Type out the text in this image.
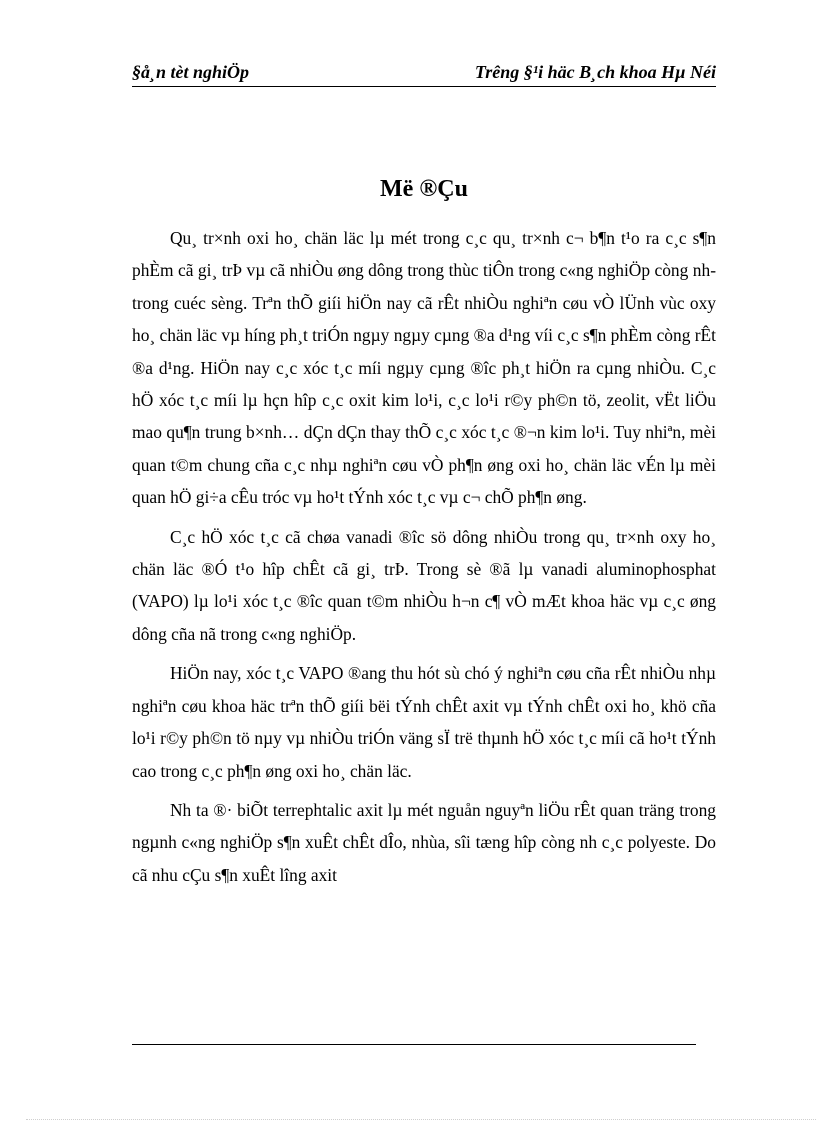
§å¸n tèt nghiÖp	Trêng §¹i häc B¸ch khoa Hµ Néi
Më ®Çu

Qu¸ tr×nh oxi ho¸ chän läc lµ mét trong c¸c qu¸ tr×nh c¬ b¶n t¹o ra c¸c s¶n phÈm cã gi¸ trÞ vµ cã nhiÒu øng dông trong thùc tiÔn trong c«ng nghiÖp còng nh trong cuéc sèng. Trªn thÕ giíi hiÖn nay cã rÊt nhiÒu nghiªn cøu vÒ lÜnh vùc oxy ho¸ chän läc vµ híng ph¸t triÓn ngµy ngµy cµng ®a d¹ng víi c¸c s¶n phÈm còng rÊt ®a d¹ng. HiÖn nay c¸c xóc t¸c míi ngµy cµng ®îc ph¸t hiÖn ra cµng nhiÒu. C¸c hÖ xóc t¸c míi lµ hçn hîp c¸c oxit kim lo¹i, c¸c lo¹i r©y ph©n tö, zeolit, vËt liÖu mao qu¶n trung b×nh… dÇn dÇn thay thÕ c¸c xóc t¸c ®¬n kim lo¹i. Tuy nhiªn, mèi quan t©m chung cña c¸c nhµ nghiªn cøu vÒ ph¶n øng oxi ho¸ chän läc vÉn lµ mèi quan hÖ gi÷a cÊu tróc vµ ho¹t tÝnh xóc t¸c vµ c¬ chÕ ph¶n øng.

C¸c hÖ xóc t¸c cã chøa vanadi ®îc sö dông nhiÒu trong qu¸ tr×nh oxy ho¸ chän läc ®Ó t¹o hîp chÊt cã gi¸ trÞ. Trong sè ®ã lµ vanadi aluminophosphat (VAPO) lµ lo¹i xóc t¸c ®îc quan t©m nhiÒu h¬n c¶ vÒ mÆt khoa häc vµ c¸c øng dông cña nã trong c«ng nghiÖp.

HiÖn nay, xóc t¸c VAPO ®ang thu hót sù chó ý nghiªn cøu cña rÊt nhiÒu nhµ nghiªn cøu khoa häc trªn thÕ giíi bëi tÝnh chÊt axit vµ tÝnh chÊt oxi ho¸ khö cña lo¹i r©y ph©n tö nµy vµ nhiÒu triÓn väng sÏ trë thµnh hÖ xóc t¸c míi cã ho¹t tÝnh cao trong c¸c ph¶n øng oxi ho¸ chän läc.

Nh ta ®· biÕt terrephtalic axit lµ mét nguån nguyªn liÖu rÊt quan träng trong ngµnh c«ng nghiÖp s¶n xuÊt chÊt dÎo, nhùa, sîi tæng hîp còng nh c¸c polyeste. Do cã nhu cÇu s¶n xuÊt lîng axit
